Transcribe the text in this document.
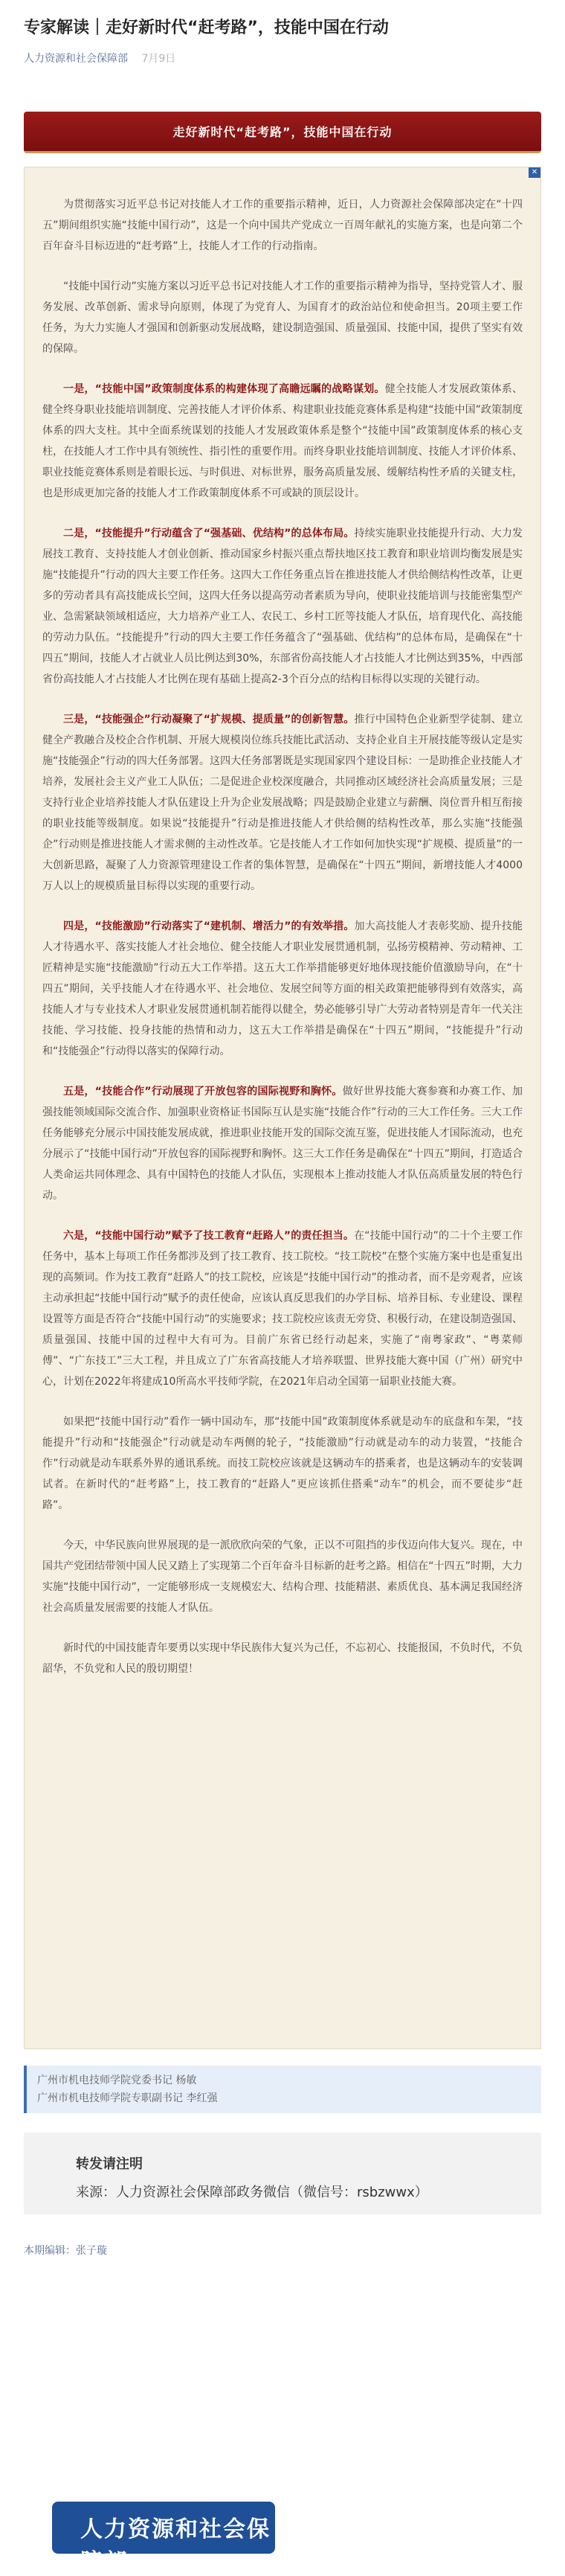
专家解读｜走好新时代“赶考路”，技能中国在行动
人力资源和社会保障部 7月9日
走好新时代“赶考路”，技能中国在行动
✕

为贯彻落实习近平总书记对技能人才工作的重要指示精神，近日，人力资源社会保障部决定在“十四五”期间组织实施“技能中国行动”，这是一个向中国共产党成立一百周年献礼的实施方案，也是向第二个百年奋斗目标迈进的“赶考路”上，技能人才工作的行动指南。

“技能中国行动”实施方案以习近平总书记对技能人才工作的重要指示精神为指导，坚持党管人才、服务发展、改革创新、需求导向原则，体现了为党育人、为国育才的政治站位和使命担当。20项主要工作任务，为大力实施人才强国和创新驱动发展战略，建设制造强国、质量强国、技能中国，提供了坚实有效的保障。

一是，“技能中国”政策制度体系的构建体现了高瞻远瞩的战略谋划。健全技能人才发展政策体系、健全终身职业技能培训制度、完善技能人才评价体系、构建职业技能竞赛体系是构建“技能中国”政策制度体系的四大支柱。其中全面系统谋划的技能人才发展政策体系是整个“技能中国”政策制度体系的核心支柱，在技能人才工作中具有领统性、指引性的重要作用。而终身职业技能培训制度、技能人才评价体系、职业技能竞赛体系则是着眼长远、与时俱进、对标世界，服务高质量发展、缓解结构性矛盾的关键支柱，也是形成更加完备的技能人才工作政策制度体系不可或缺的顶层设计。

二是，“技能提升”行动蕴含了“强基础、优结构”的总体布局。持续实施职业技能提升行动、大力发展技工教育、支持技能人才创业创新、推动国家乡村振兴重点帮扶地区技工教育和职业培训均衡发展是实施“技能提升”行动的四大主要工作任务。这四大工作任务重点旨在推进技能人才供给侧结构性改革，让更多的劳动者具有高技能成长空间，这四大任务以提高劳动者素质为导向，使职业技能培训与技能密集型产业、急需紧缺领域相适应，大力培养产业工人、农民工、乡村工匠等技能人才队伍，培育现代化、高技能的劳动力队伍。“技能提升”行动的四大主要工作任务蕴含了“强基础、优结构”的总体布局，是确保在“十四五”期间，技能人才占就业人员比例达到30%，东部省份高技能人才占技能人才比例达到35%，中西部省份高技能人才占技能人才比例在现有基础上提高2-3个百分点的结构目标得以实现的关键行动。

三是，“技能强企”行动凝聚了“扩规模、提质量”的创新智慧。推行中国特色企业新型学徒制、建立健全产教融合及校企合作机制、开展大规模岗位练兵技能比武活动、支持企业自主开展技能等级认定是实施“技能强企”行动的四大任务部署。这四大任务部署既是实现国家四个建设目标：一是助推企业技能人才培养，发展社会主义产业工人队伍；二是促进企业校深度融合，共同推动区域经济社会高质量发展；三是支持行业企业培养技能人才队伍建设上升为企业发展战略；四是鼓励企业建立与薪酬、岗位晋升相互衔接的职业技能等级制度。如果说“技能提升”行动是推进技能人才供给侧的结构性改革，那么实施“技能强企”行动则是推进技能人才需求侧的主动性改革。它是技能人才工作如何加快实现“扩规模、提质量”的一大创新思路，凝聚了人力资源管理建设工作者的集体智慧，是确保在“十四五”期间，新增技能人才4000万人以上的规模质量目标得以实现的重要行动。

四是，“技能激励”行动落实了“建机制、增活力”的有效举措。加大高技能人才表彰奖励、提升技能人才待遇水平、落实技能人才社会地位、健全技能人才职业发展贯通机制，弘扬劳模精神、劳动精神、工匠精神是实施“技能激励”行动五大工作举措。这五大工作举措能够更好地体现技能价值激励导向，在“十四五”期间，关乎技能人才在待遇水平、社会地位、发展空间等方面的相关政策把能够得到有效落实，高技能人才与专业技术人才职业发展贯通机制若能得以健全，势必能够引导广大劳动者特别是青年一代关注技能、学习技能、投身技能的热情和动力，这五大工作举措是确保在“十四五”期间，“技能提升”行动和“技能强企”行动得以落实的保障行动。

五是，“技能合作”行动展现了开放包容的国际视野和胸怀。做好世界技能大赛参赛和办赛工作、加强技能领域国际交流合作、加强职业资格证书国际互认是实施“技能合作”行动的三大工作任务。三大工作任务能够充分展示中国技能发展成就，推进职业技能开发的国际交流互鉴，促进技能人才国际流动，也充分展示了“技能中国行动”开放包容的国际视野和胸怀。这三大工作任务是确保在“十四五”期间，打造适合人类命运共同体理念、具有中国特色的技能人才队伍，实现根本上推动技能人才队伍高质量发展的特色行动。

六是，“技能中国行动”赋予了技工教育“赶路人”的责任担当。在“技能中国行动”的二十个主要工作任务中，基本上每项工作任务都涉及到了技工教育、技工院校。“技工院校”在整个实施方案中也是重复出现的高频词。作为技工教育“赶路人”的技工院校，应该是“技能中国行动”的推动者，而不是旁观者，应该主动承担起“技能中国行动”赋予的责任使命，应该认真反思我们的办学目标、培养目标、专业建设、课程设置等方面是否符合“技能中国行动”的实施要求；技工院校应该责无旁贷、积极行动，在建设制造强国、质量强国、技能中国的过程中大有可为。目前广东省已经行动起来，实施了“南粤家政”、“粤菜师傅”、“广东技工”三大工程，并且成立了广东省高技能人才培养联盟、世界技能大赛中国（广州）研究中心，计划在2022年将建成10所高水平技师学院，在2021年启动全国第一届职业技能大赛。

如果把“技能中国行动”看作一辆中国动车，那“技能中国”政策制度体系就是动车的底盘和车架，“技能提升”行动和“技能强企”行动就是动车两侧的轮子，“技能激励”行动就是动车的动力装置，“技能合作”行动就是动车联系外界的通讯系统。而技工院校应该就是这辆动车的搭乘者，也是这辆动车的安装调试者。在新时代的“赶考路”上，技工教育的“赶路人”更应该抓住搭乘“动车”的机会，而不要徒步“赶路”。

今天，中华民族向世界展现的是一派欣欣向荣的气象，正以不可阻挡的步伐迈向伟大复兴。现在，中国共产党团结带领中国人民又踏上了实现第二个百年奋斗目标新的赶考之路。相信在“十四五”时期，大力实施“技能中国行动”，一定能够形成一支规模宏大、结构合理、技能精湛、素质优良、基本满足我国经济社会高质量发展需要的技能人才队伍。

新时代的中国技能青年要勇以实现中华民族伟大复兴为己任，不忘初心、技能报国，不负时代，不负韶华，不负党和人民的殷切期望！

广州市机电技师学院党委书记 杨敏
广州市机电技师学院专职副书记 李红强
转发请注明
来源：人力资源社会保障部政务微信（微信号：rsbzwwx）
本期编辑：张子璇
人力资源和社会保障部
